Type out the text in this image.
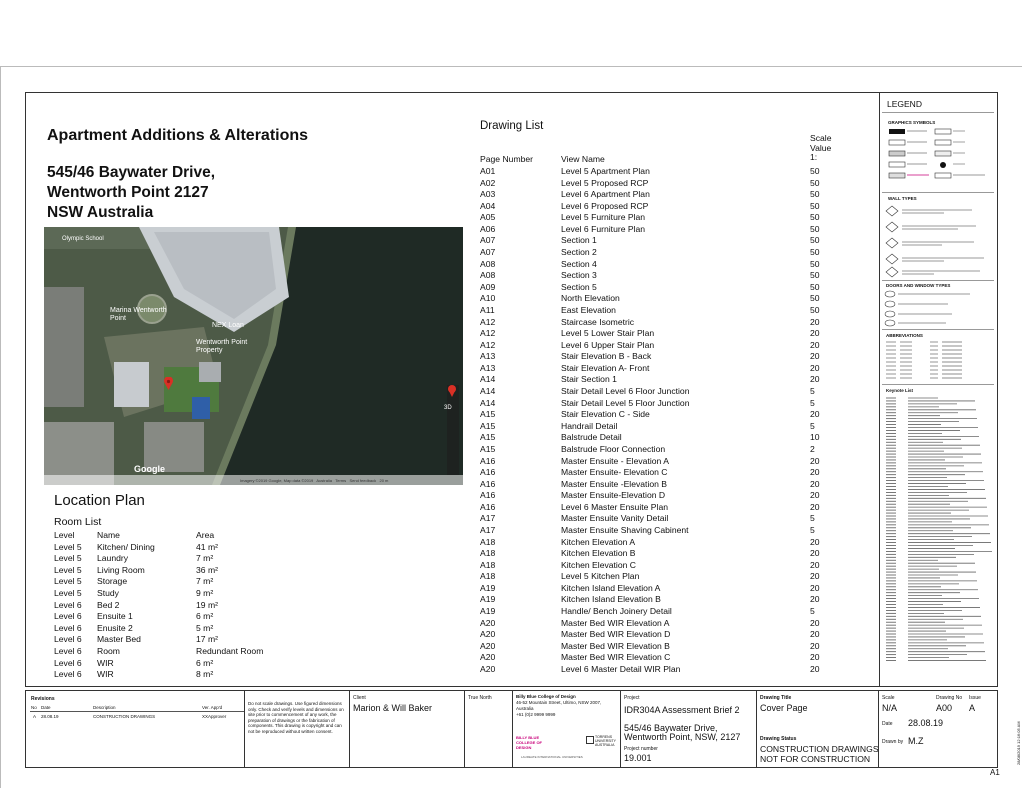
Apartment Additions & Alterations
545/46 Baywater Drive,
Wentworth Point 2127
NSW Australia
Olympic School
Marina Wentworth Point
NEX Loan
Wentworth Point Property
Google
Imagery ©2019 Google, Map data ©2019 Australia Terms Send feedback 20 m
3D
Location Plan
Room List
Level	Name	Area
Level 5 Kitchen/ Dining	41 m²
Level 5 Laundry	7 m²
Level 5 Living Room	36 m²
Level 5 Storage	7 m²
Level 5 Study	9 m²
Level 6 Bed 2	19 m²
Level 6 Ensuite 1	6 m²
Level 6 Enusite 2	5 m²
Level 6 Master Bed	17 m²
Level 6 Room	Redundant Room
Level 6 WIR	6 m²
Level 6 WIR	8 m²
Drawing List
Page Number	View Name
Scale Value 1:
A01	Level 5 Apartment Plan	50
A02	Level 5 Proposed RCP	50
A03	Level 6 Apartment Plan	50
A04	Level 6 Proposed RCP	50
A05	Level 5 Furniture Plan	50
A06	Level 6 Furniture Plan	50
A07	Section 1	50
A07	Section 2	50
A08	Section 4	50
A08	Section 3	50
A09	Section 5	50
A10	North Elevation	50
A11	East Elevation	50
A12	Staircase Isometric	20
A12	Level 5 Lower Stair Plan	20
A12	Level 6 Upper Stair Plan	20
A13	Stair Elevation B - Back	20
A13	Stair Elevation A- Front	20
A14	Stair Section 1	20
A14	Stair Detail Level 6 Floor Junction	5
A14	Stair Detail Level 5 Floor Junction	5
A15	Stair Elevation C - Side	20
A15	Handrail Detail	5
A15	Balstrude Detail	10
A15	Balstrude Floor Connection	2
A16	Master Ensuite - Elevation A	20
A16	Master Ensuite- Elevation C	20
A16	Master Ensuite -Elevation B	20
A16	Master Ensuite-Elevation D	20
A16	Level 6 Master Ensuite Plan	20
A17	Master Ensuite Vanity Detail	5
A17	Master Ensuite Shaving Cabinent	5
A18	Kitchen Elevation A	20
A18	Kitchen Elevation B	20
A18	Kitchen Elevation C	20
A18	Level 5 Kitchen Plan	20
A19	Kitchen Island Elevation A	20
A19	Kitchen Island Elevation B	20
A19	Handle/ Bench Joinery Detail	5
A20	Master Bed WIR Elevation A	20
A20	Master Bed WIR Elevation D	20
A20	Master Bed WIR Elevation B	20
A20	Master Bed WIR Elevation C	20
A20	Level 6 Master Detail WIR Plan	20
LEGEND
GRAPHICS SYMBOLS
WALL TYPES
DOORS AND WINDOW TYPES
ABBREVIATIONS
Keynote List
Revisions
No Date	Description	Ver. App'd
A 28.08.19	CONSTRUCTION DRAWINGS	XXApprover
Do not scale drawings. Use figured dimensions only. Check and verify levels and dimensions on site prior to commencement of any work, the preparation of drawings or the fabrication of components. This drawing is copyright and can not be reproduced without written consent.
Client
Marion & Will Baker
True North	Billy Blue College of Design
46-52 Mountain Street, Ultimo, NSW 2007, Australia
+61 (0)2 9999 9999
BILLY BLUE COLLEGE OF DESIGN
TORRENS UNIVERSITY AUSTRALIA
LAUREATE INTERNATIONAL UNIVERSITIES
Project
IDR304A Assessment Brief 2
545/46 Baywater Drive,
Wentworth Point, NSW, 2127
Project number
19.001
Drawing Title
Cover Page
Drawing Status
CONSTRUCTION DRAWINGS
NOT FOR CONSTRUCTION
Scale
N/A
Drawing No
A00
Issue
A
Date 28.08.19
Drawn by M.Z	28/08/2019 12:16:05 AM
A1
